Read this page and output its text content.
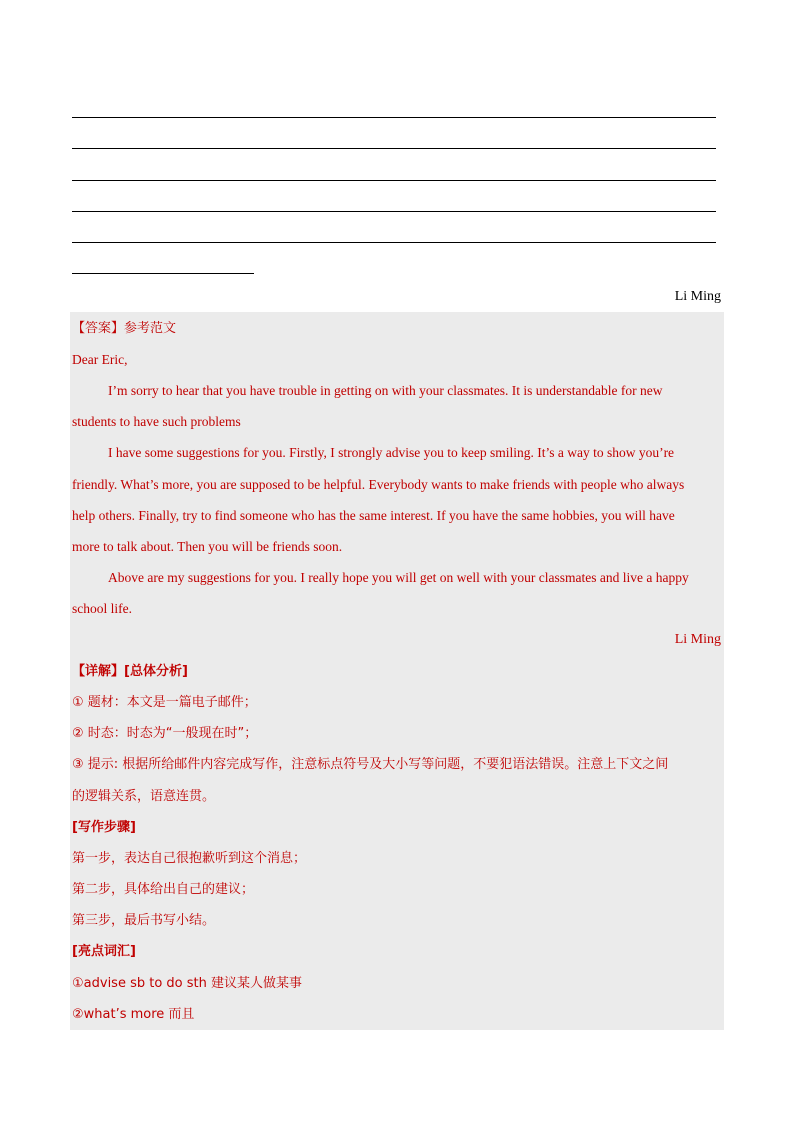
Li Ming
【答案】参考范文
Dear Eric,
I’m sorry to hear that you have trouble in getting on with your classmates. It is understandable for new
students to have such problems
I have some suggestions for you. Firstly, I strongly advise you to keep smiling. It’s a way to show you’re
friendly. What’s more, you are supposed to be helpful. Everybody wants to make friends with people who always
help others. Finally, try to find someone who has the same interest. If you have the same hobbies, you will have
more to talk about. Then you will be friends soon.
Above are my suggestions for you. I really hope you will get on well with your classmates and live a happy
school life.
Li Ming
【详解】[总体分析]
① 题材：本文是一篇电子邮件；
② 时态：时态为“一般现在时”；
③ 提示: 根据所给邮件内容完成写作，注意标点符号及大小写等问题，不要犯语法错误。注意上下文之间
的逻辑关系，语意连贯。
[写作步骤]
第一步，表达自己很抱歉听到这个消息；
第二步，具体给出自己的建议；
第三步，最后书写小结。
[亮点词汇]
①advise sb to do sth 建议某人做某事
②what’s more 而且
